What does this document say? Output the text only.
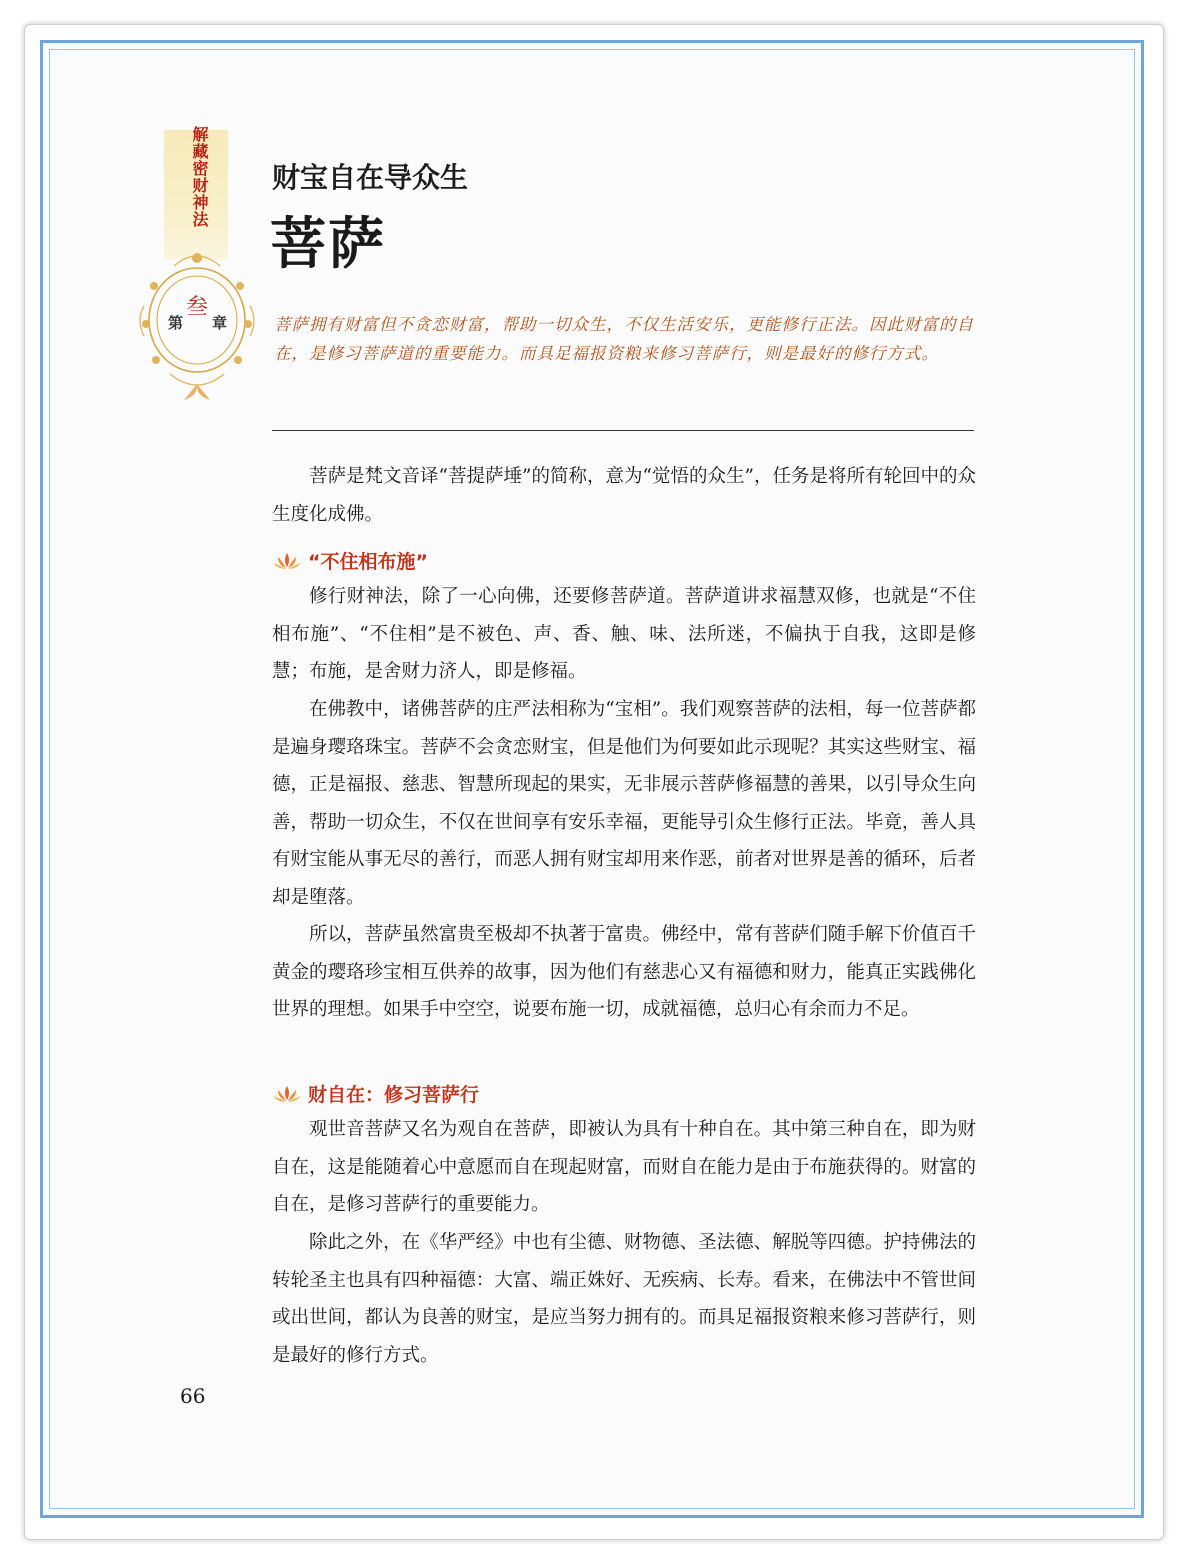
解藏密财神法
第
叁
章
财宝自在导众生
菩萨

菩萨拥有财富但不贪恋财富，帮助一切众生，不仅生活安乐，更能修行正法。因此财富的自在，是修习菩萨道的重要能力。而具足福报资粮来修习菩萨行，则是最好的修行方式。

菩萨是梵文音译“菩提萨埵”的简称，意为“觉悟的众生”，任务是将所有轮回中的众生度化成佛。

“不住相布施”

修行财神法，除了一心向佛，还要修菩萨道。菩萨道讲求福慧双修，也就是“不住相布施”、“不住相”是不被色、声、香、触、味、法所迷，不偏执于自我，这即是修慧；布施，是舍财力济人，即是修福。

在佛教中，诸佛菩萨的庄严法相称为“宝相”。我们观察菩萨的法相，每一位菩萨都是遍身璎珞珠宝。菩萨不会贪恋财宝，但是他们为何要如此示现呢？其实这些财宝、福德，正是福报、慈悲、智慧所现起的果实，无非展示菩萨修福慧的善果，以引导众生向善，帮助一切众生，不仅在世间享有安乐幸福，更能导引众生修行正法。毕竟，善人具有财宝能从事无尽的善行，而恶人拥有财宝却用来作恶，前者对世界是善的循环，后者却是堕落。

所以，菩萨虽然富贵至极却不执著于富贵。佛经中，常有菩萨们随手解下价值百千黄金的璎珞珍宝相互供养的故事，因为他们有慈悲心又有福德和财力，能真正实践佛化世界的理想。如果手中空空，说要布施一切，成就福德，总归心有余而力不足。

财自在：修习菩萨行

观世音菩萨又名为观自在菩萨，即被认为具有十种自在。其中第三种自在，即为财自在，这是能随着心中意愿而自在现起财富，而财自在能力是由于布施获得的。财富的自在，是修习菩萨行的重要能力。

除此之外，在《华严经》中也有尘德、财物德、圣法德、解脱等四德。护持佛法的转轮圣主也具有四种福德：大富、端正姝好、无疾病、长寿。看来，在佛法中不管世间或出世间，都认为良善的财宝，是应当努力拥有的。而具足福报资粮来修习菩萨行，则是最好的修行方式。

66
